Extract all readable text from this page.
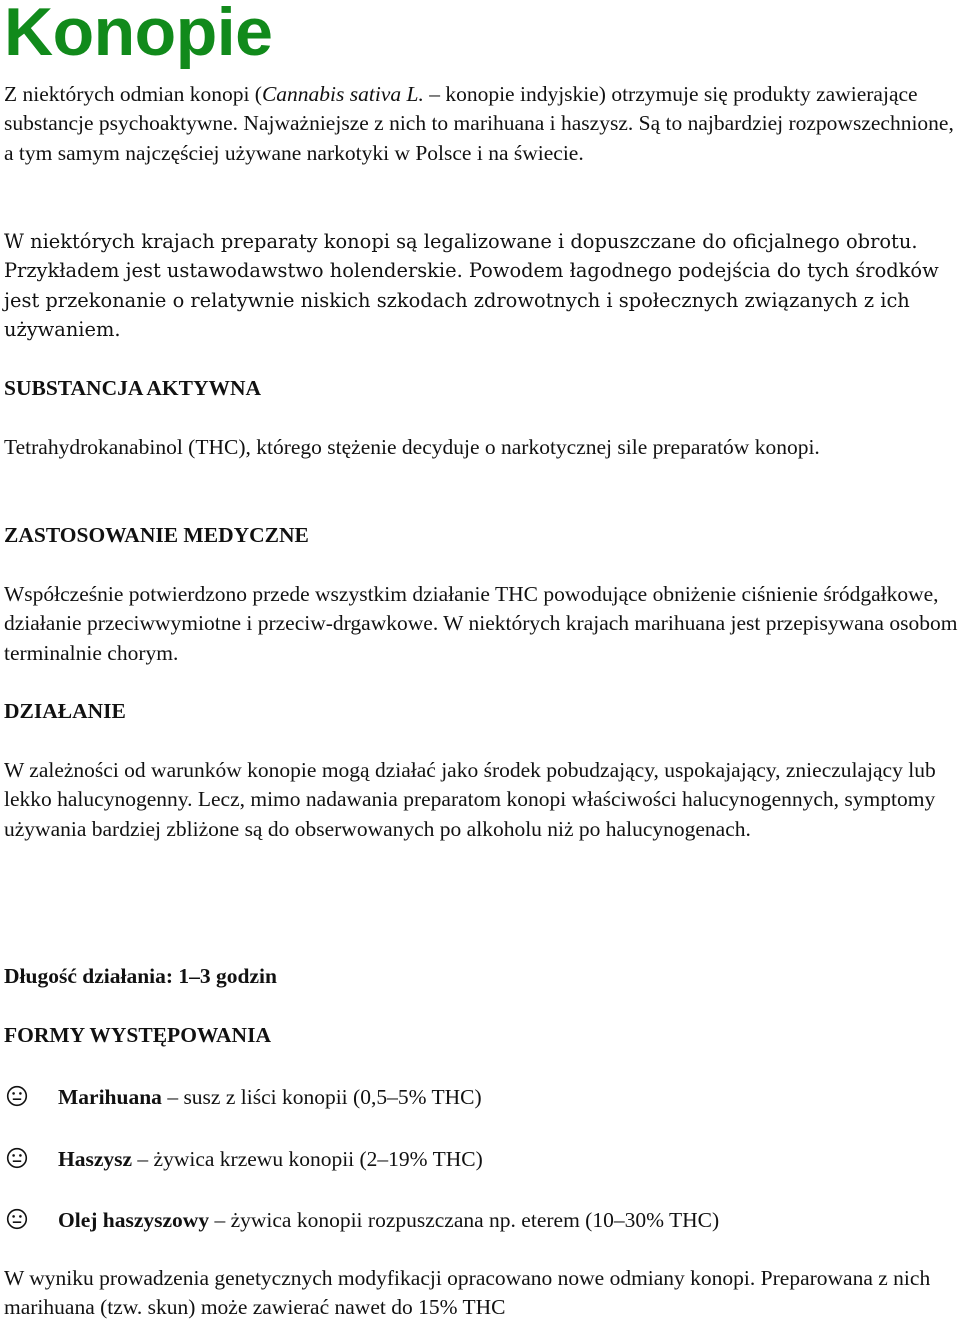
Konopie

Z niektórych odmian konopi (Cannabis sativa L. – konopie indyjskie) otrzymuje się produkty zawierające substancje psychoaktywne. Najważniejsze z nich to marihuana i haszysz. Są to najbardziej rozpowszechnione, a tym samym najczęściej używane narkotyki w Polsce i na świecie.

W niektórych krajach preparaty konopi są legalizowane i dopuszczane do oficjalnego obrotu. Przykładem jest ustawodawstwo holenderskie. Powodem łagodnego podejścia do tych środków jest przekonanie o relatywnie niskich szkodach zdrowotnych i społecznych związanych z ich używaniem.

SUBSTANCJA AKTYWNA

Tetrahydrokanabinol (THC), którego stężenie decyduje o narkotycznej sile preparatów konopi.

ZASTOSOWANIE MEDYCZNE

Współcześnie potwierdzono przede wszystkim działanie THC powodujące obniżenie ciśnienie śródgałkowe, działanie przeciwwymiotne i przeciw-drgawkowe. W niektórych krajach marihuana jest przepisywana osobom terminalnie chorym.

DZIAŁANIE

W zależności od warunków konopie mogą działać jako środek pobudzający, uspokajający, znieczulający lub lekko halucynogenny. Lecz, mimo nadawania preparatom konopi właściwości halucynogennych, symptomy używania bardziej zbliżone są do obserwowanych po alkoholu niż po halucynogenach.

Długość działania: 1–3 godzin
FORMY WYSTĘPOWANIA
Marihuana – susz z liści konopii (0,5–5% THC)
Haszysz – żywica krzewu konopii (2–19% THC)
Olej haszyszowy – żywica konopii rozpuszczana np. eterem (10–30% THC)

W wyniku prowadzenia genetycznych modyfikacji opracowano nowe odmiany konopi. Preparowana z nich marihuana (tzw. skun) może zawierać nawet do 15% THC
